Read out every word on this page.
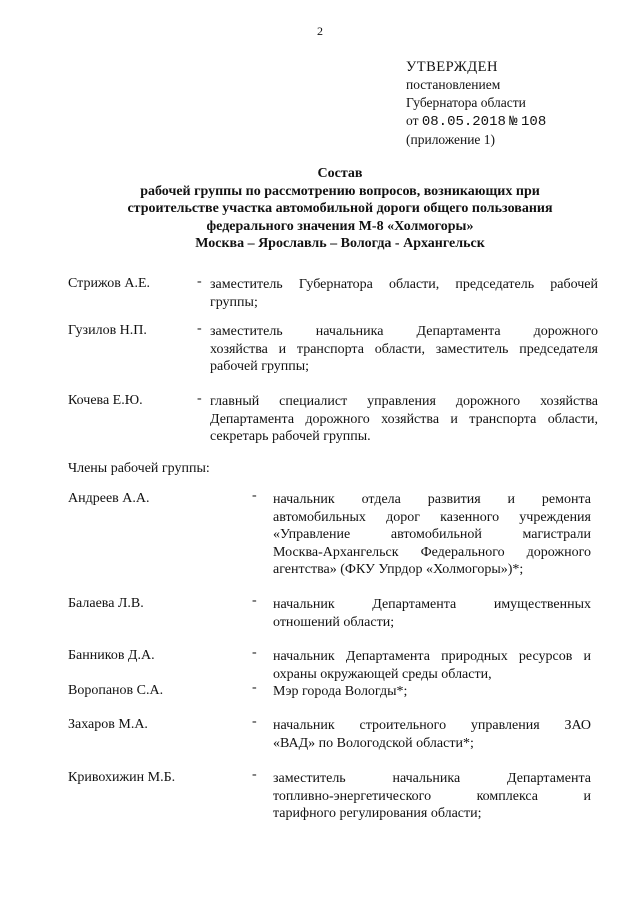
2
УТВЕРЖДЕН
постановлением
Губернатора области
от 08.05.2018 № 108
(приложение 1)
Состав
рабочей группы по рассмотрению вопросов, возникающих при
строительстве участка автомобильной дороги общего пользования
федерального значения М-8 «Холмогоры»
Москва – Ярославль – Вологда - Архангельск
Стрижов А.Е.	- заместитель Губернатора области, председатель рабочей
группы;
Гузилов Н.П.	- заместитель начальника Департамента дорожного
хозяйства и транспорта области, заместитель председателя
рабочей группы;
Кочева Е.Ю.	- главный специалист управления дорожного хозяйства
Департамента дорожного хозяйства и транспорта области,
секретарь рабочей группы.
Члены рабочей группы:
Андреев А.А.	- начальник отдела развития и ремонта
автомобильных дорог казенного учреждения
«Управление автомобильной магистрали
Москва-Архангельск Федерального дорожного
агентства» (ФКУ Упрдор «Холмогоры»)*;
Балаева Л.В.	- начальник Департамента имущественных
отношений области;
Банников Д.А.	- начальник Департамента природных ресурсов и
охраны окружающей среды области,
Воропанов С.А.	- Мэр города Вологды*;
Захаров М.А.	- начальник строительного управления ЗАО
«ВАД» по Вологодской области*;
Кривохижин М.Б.	- заместитель начальника Департамента
топливно-энергетического комплекса и
тарифного регулирования области;
